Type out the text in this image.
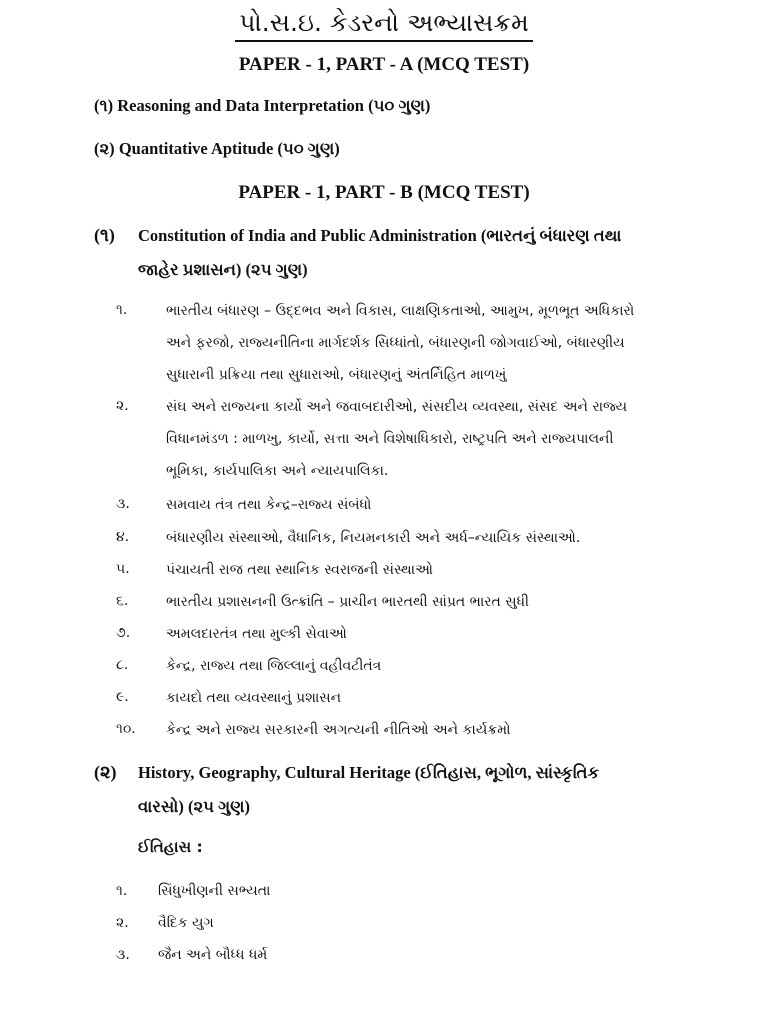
પો.સ.ઇ. કેડરનો અભ્યાસક્રમ
PAPER - 1, PART - A (MCQ TEST)
(૧) Reasoning and Data Interpretation (૫૦ ગુણ)
(૨) Quantitative Aptitude (૫૦ ગુણ)
PAPER - 1, PART - B (MCQ TEST)
(૧) Constitution of India and Public Administration (ભારતનું બંધારણ તથા
જાહેર પ્રશાસન) (૨૫ ગુણ)
૧.	ભારતીય બંધારણ – ઉદ્દભવ અને વિકાસ, લાક્ષણિકતાઓ, આમુખ, મૂળભૂત અધિકારો
અને ફરજો, રાજ્યનીતિના માર્ગદર્શક સિધ્ધાંતો, બંધારણની જોગવાઈઓ, બંધારણીય
સુધારાની પ્રક્રિયા તથા સુધારાઓ, બંધારણનું અંતર્નિહિત માળખું
૨.	સંઘ અને રાજ્યના કાર્યો અને જવાબદારીઓ, સંસદીય વ્યવસ્થા, સંસદ અને રાજ્ય
વિધાનમંડળ : માળખુ, કાર્યો, સત્તા અને વિશેષાધિકારો, રાષ્ટ્રપતિ અને રાજ્યપાલની
ભૂમિકા, કાર્યપાલિકા અને ન્યાયપાલિકા.
૩.	સમવાય તંત્ર તથા કેન્દ્ર–રાજ્ય સંબંધો
૪.	બંધારણીય સંસ્થાઓ, વૈધાનિક, નિયમનકારી અને અર્ધ–ન્યાયિક સંસ્થાઓ.
૫.	પંચાયતી રાજ તથા સ્થાનિક સ્વરાજની સંસ્થાઓ
૬.	ભારતીય પ્રશાસનની ઉત્ક્રાંતિ – પ્રાચીન ભારતથી સાંપ્રત ભારત સુધી
૭.	અમલદારતંત્ર તથા મુલ્કી સેવાઓ
૮.	કેન્દ્ર, રાજ્ય તથા જિલ્લાનું વહીવટીતંત્ર
૯.	કાયદો તથા વ્યવસ્થાનું પ્રશાસન
૧૦. કેન્દ્ર અને રાજ્ય સરકારની અગત્યની નીતિઓ અને કાર્યક્રમો
(૨) History, Geography, Cultural Heritage (ઈતિહાસ, ભૂગોળ, સાંસ્કૃતિક
વારસો) (૨૫ ગુણ)
ઈતિહાસ :
૧. સિંધુખીણની સભ્યતા
૨. વૈદિક યુગ
૩. જૈન અને બૌધ્ધ ધર્મ
